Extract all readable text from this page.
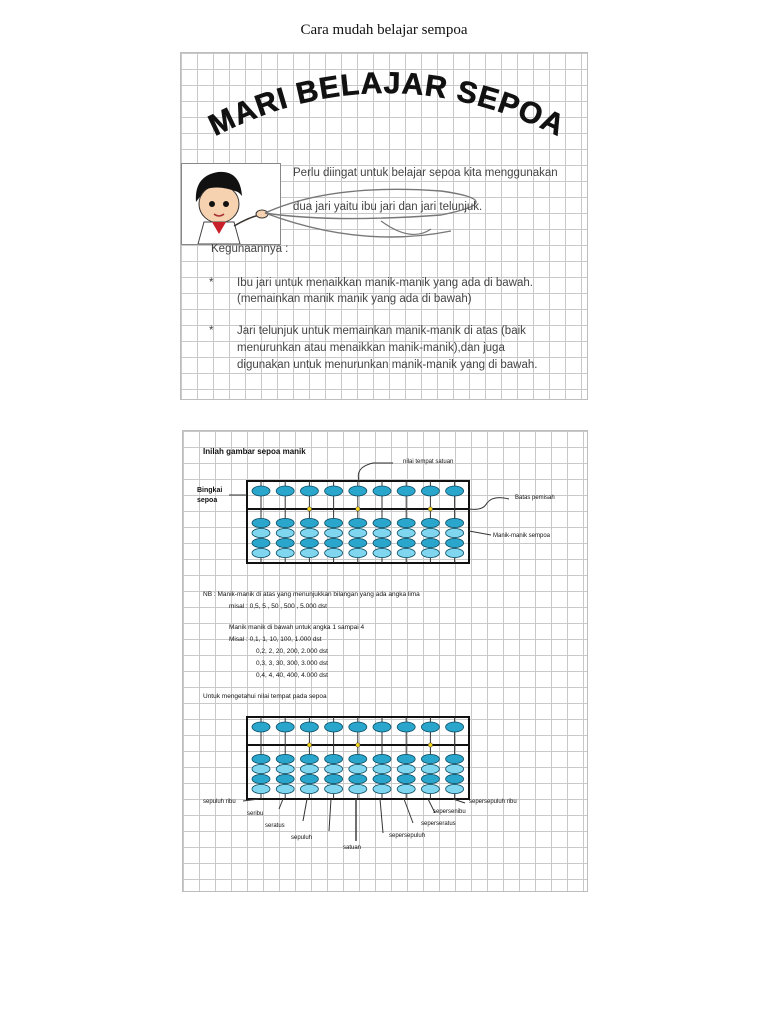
Cara mudah belajar sempoa
MARI BELAJAR SEPOA
Perlu diingat untuk belajar sepoa kita menggunakan
dua jari yaitu ibu jari dan jari telunjuk.
Kegunaannya :
* Ibu jari untuk menaikkan manik-manik yang ada di bawah.
(memainkan manik manik yang ada di bawah)
* Jari telunjuk untuk memainkan manik-manik di atas (baik
menurunkan atau menaikkan manik-manik),dan juga
digunakan untuk menurunkan manik-manik yang di bawah.
Inilah gambar sepoa manik
nilai tempat satuan
Bingkai
sepoa	Batas pemisah
Manik-manik sempoa
NB : Manik-manik di atas yang menunjukkan bilangan yang ada angka lima
misal : 0,5, 5 , 50 , 500 , 5.000 dst
Manik manik di bawah untuk angka 1 sampai 4
Misal : 0,1, 1, 10, 100, 1.000 dst
0,2, 2, 20, 200, 2.000 dst
0,3, 3, 30, 300, 3.000 dst
0,4, 4, 40, 400, 4.000 dst
Untuk mengetahui nilai tempat pada sepoa
sepuluh ribu
seribu
seratus
sepuluh
satuan
sepersepuluh
seperseratus
sepersenibu
sepersepuluh ribu
